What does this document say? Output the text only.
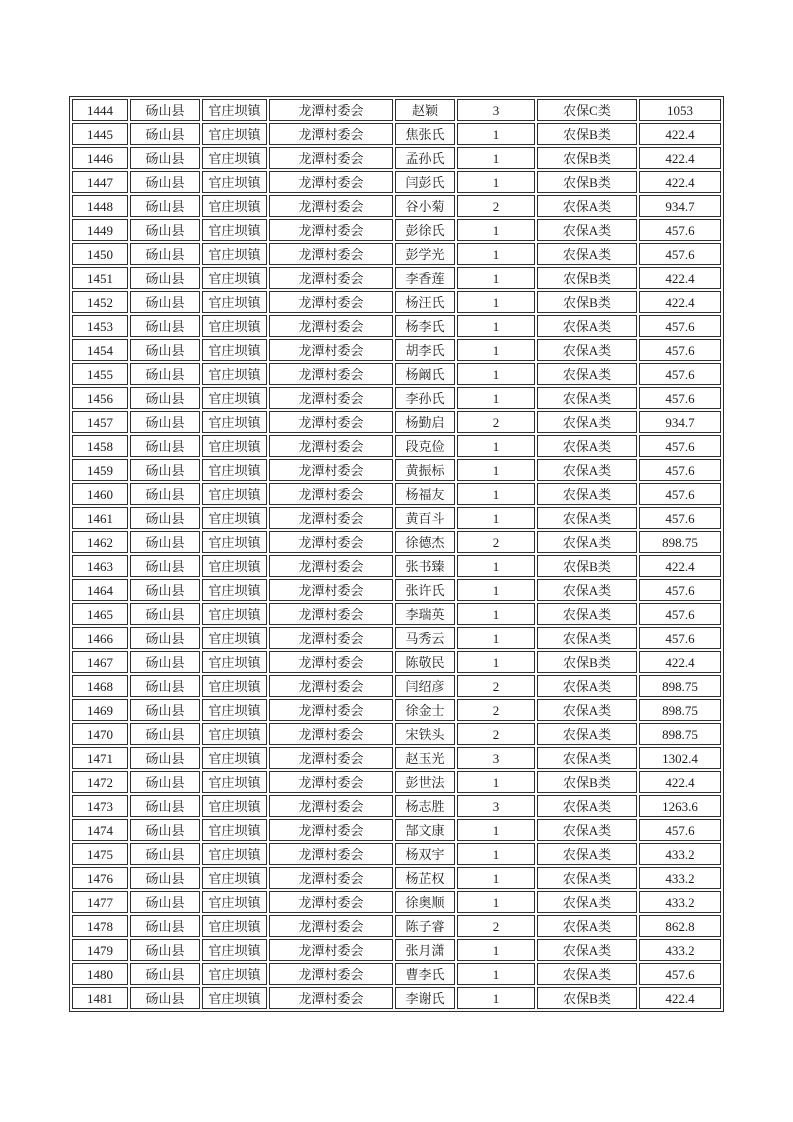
1444	砀山县	官庄坝镇	龙潭村委会	赵颖	3	农保C类	1053
1445	砀山县	官庄坝镇	龙潭村委会	焦张氏	1	农保B类	422.4
1446	砀山县	官庄坝镇	龙潭村委会	孟孙氏	1	农保B类	422.4
1447	砀山县	官庄坝镇	龙潭村委会	闫彭氏	1	农保B类	422.4
1448	砀山县	官庄坝镇	龙潭村委会	谷小菊	2	农保A类	934.7
1449	砀山县	官庄坝镇	龙潭村委会	彭徐氏	1	农保A类	457.6
1450	砀山县	官庄坝镇	龙潭村委会	彭学光	1	农保A类	457.6
1451	砀山县	官庄坝镇	龙潭村委会	李香莲	1	农保B类	422.4
1452	砀山县	官庄坝镇	龙潭村委会	杨汪氏	1	农保B类	422.4
1453	砀山县	官庄坝镇	龙潭村委会	杨李氏	1	农保A类	457.6
1454	砀山县	官庄坝镇	龙潭村委会	胡李氏	1	农保A类	457.6
1455	砀山县	官庄坝镇	龙潭村委会	杨阚氏	1	农保A类	457.6
1456	砀山县	官庄坝镇	龙潭村委会	李孙氏	1	农保A类	457.6
1457	砀山县	官庄坝镇	龙潭村委会	杨勤启	2	农保A类	934.7
1458	砀山县	官庄坝镇	龙潭村委会	段克俭	1	农保A类	457.6
1459	砀山县	官庄坝镇	龙潭村委会	黄振标	1	农保A类	457.6
1460	砀山县	官庄坝镇	龙潭村委会	杨福友	1	农保A类	457.6
1461	砀山县	官庄坝镇	龙潭村委会	黄百斗	1	农保A类	457.6
1462	砀山县	官庄坝镇	龙潭村委会	徐德杰	2	农保A类	898.75
1463	砀山县	官庄坝镇	龙潭村委会	张书臻	1	农保B类	422.4
1464	砀山县	官庄坝镇	龙潭村委会	张许氏	1	农保A类	457.6
1465	砀山县	官庄坝镇	龙潭村委会	李瑞英	1	农保A类	457.6
1466	砀山县	官庄坝镇	龙潭村委会	马秀云	1	农保A类	457.6
1467	砀山县	官庄坝镇	龙潭村委会	陈敬民	1	农保B类	422.4
1468	砀山县	官庄坝镇	龙潭村委会	闫绍彦	2	农保A类	898.75
1469	砀山县	官庄坝镇	龙潭村委会	徐金士	2	农保A类	898.75
1470	砀山县	官庄坝镇	龙潭村委会	宋铁头	2	农保A类	898.75
1471	砀山县	官庄坝镇	龙潭村委会	赵玉光	3	农保A类	1302.4
1472	砀山县	官庄坝镇	龙潭村委会	彭世法	1	农保B类	422.4
1473	砀山县	官庄坝镇	龙潭村委会	杨志胜	3	农保A类	1263.6
1474	砀山县	官庄坝镇	龙潭村委会	郜文康	1	农保A类	457.6
1475	砀山县	官庄坝镇	龙潭村委会	杨双宇	1	农保A类	433.2
1476	砀山县	官庄坝镇	龙潭村委会	杨芷权	1	农保A类	433.2
1477	砀山县	官庄坝镇	龙潭村委会	徐奥顺	1	农保A类	433.2
1478	砀山县	官庄坝镇	龙潭村委会	陈子睿	2	农保A类	862.8
1479	砀山县	官庄坝镇	龙潭村委会	张月潇	1	农保A类	433.2
1480	砀山县	官庄坝镇	龙潭村委会	曹李氏	1	农保A类	457.6
1481	砀山县	官庄坝镇	龙潭村委会	李谢氏	1	农保B类	422.4
